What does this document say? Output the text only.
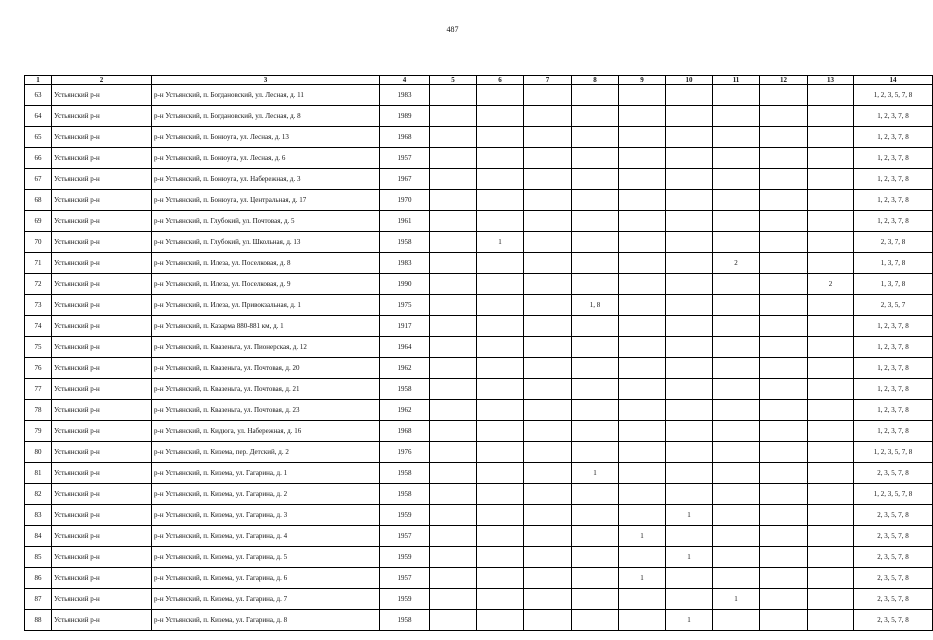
487
1	2	3	4	5	6	7	8	9	10	11	12	13	14
63	Устьянский р-н	р-н Устьянский, п. Богдановский, ул. Лесная, д. 11	1983										1, 2, 3, 5, 7, 8
64	Устьянский р-н	р-н Устьянский, п. Богдановский, ул. Лесная, д. 8	1989										1, 2, 3, 7, 8
65	Устьянский р-н	р-н Устьянский, п. Бонюуга, ул. Лесная, д. 13	1968										1, 2, 3, 7, 8
66	Устьянский р-н	р-н Устьянский, п. Бонюуга, ул. Лесная, д. 6	1957										1, 2, 3, 7, 8
67	Устьянский р-н	р-н Устьянский, п. Бонюуга, ул. Набережная, д. 3	1967										1, 2, 3, 7, 8
68	Устьянский р-н	р-н Устьянский, п. Бонюуга, ул. Центральная, д. 17	1970										1, 2, 3, 7, 8
69	Устьянский р-н	р-н Устьянский, п. Глубокий, ул. Почтовая, д. 5	1961										1, 2, 3, 7, 8
70	Устьянский р-н	р-н Устьянский, п. Глубокий, ул. Школьная, д. 13	1958		1								2, 3, 7, 8
71	Устьянский р-н	р-н Устьянский, п. Илеза, ул. Поселковая, д. 8	1983							2			1, 3, 7, 8
72	Устьянский р-н	р-н Устьянский, п. Илеза, ул. Поселковая, д. 9	1990									2	1, 3, 7, 8
73	Устьянский р-н	р-н Устьянский, п. Илеза, ул. Привокзальная, д. 1	1975				1, 8						2, 3, 5, 7
74	Устьянский р-н	р-н Устьянский, п. Казарма 880-881 км, д. 1	1917										1, 2, 3, 7, 8
75	Устьянский р-н	р-н Устьянский, п. Квазеньга, ул. Пионерская, д. 12	1964										1, 2, 3, 7, 8
76	Устьянский р-н	р-н Устьянский, п. Квазеньга, ул. Почтовая, д. 20	1962										1, 2, 3, 7, 8
77	Устьянский р-н	р-н Устьянский, п. Квазеньга, ул. Почтовая, д. 21	1958										1, 2, 3, 7, 8
78	Устьянский р-н	р-н Устьянский, п. Квазеньга, ул. Почтовая, д. 23	1962										1, 2, 3, 7, 8
79	Устьянский р-н	р-н Устьянский, п. Кидюга, ул. Набережная, д. 16	1968										1, 2, 3, 7, 8
80	Устьянский р-н	р-н Устьянский, п. Кизема, пер. Детский, д. 2	1976										1, 2, 3, 5, 7, 8
81	Устьянский р-н	р-н Устьянский, п. Кизема, ул. Гагарина, д. 1	1958				1						2, 3, 5, 7, 8
82	Устьянский р-н	р-н Устьянский, п. Кизема, ул. Гагарина, д. 2	1958										1, 2, 3, 5, 7, 8
83	Устьянский р-н	р-н Устьянский, п. Кизема, ул. Гагарина, д. 3	1959						1				2, 3, 5, 7, 8
84	Устьянский р-н	р-н Устьянский, п. Кизема, ул. Гагарина, д. 4	1957					1					2, 3, 5, 7, 8
85	Устьянский р-н	р-н Устьянский, п. Кизема, ул. Гагарина, д. 5	1959						1				2, 3, 5, 7, 8
86	Устьянский р-н	р-н Устьянский, п. Кизема, ул. Гагарина, д. 6	1957					1					2, 3, 5, 7, 8
87	Устьянский р-н	р-н Устьянский, п. Кизема, ул. Гагарина, д. 7	1959							1			2, 3, 5, 7, 8
88	Устьянский р-н	р-н Устьянский, п. Кизема, ул. Гагарина, д. 8	1958						1				2, 3, 5, 7, 8
